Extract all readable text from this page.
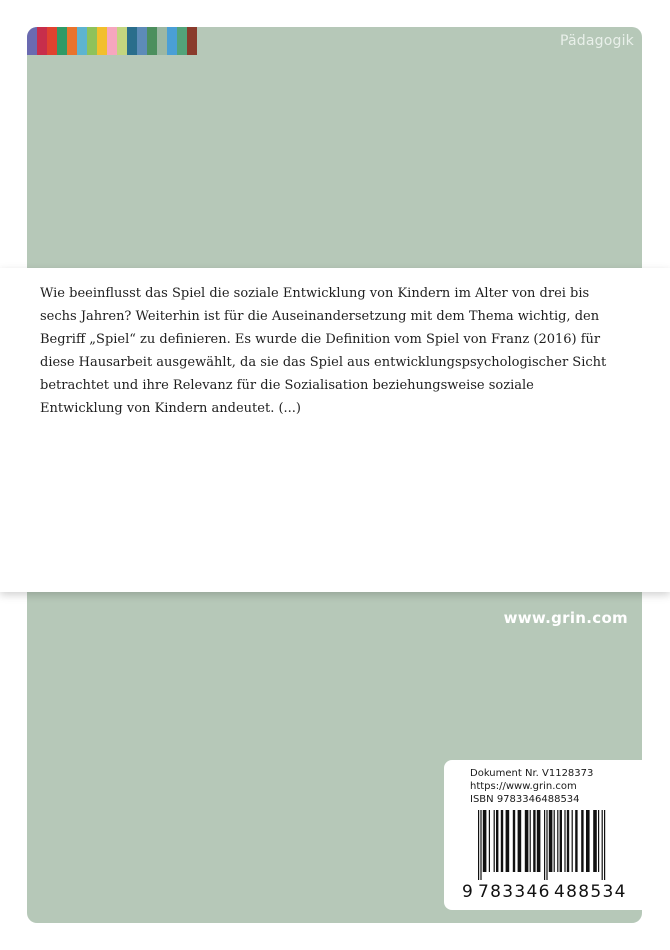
Pädagogik

Wie beeinflusst das Spiel die soziale Entwicklung von Kindern im Alter von drei bis sechs Jahren? Weiterhin ist für die Auseinandersetzung mit dem Thema wichtig, den Begriff „Spiel“ zu definieren. Es wurde die Definition vom Spiel von Franz (2016) für diese Hausarbeit ausgewählt, da sie das Spiel aus entwicklungspsychologischer Sicht betrachtet und ihre Relevanz für die Sozialisation beziehungsweise soziale Entwicklung von Kindern andeutet. (...)

www.grin.com
Dokument Nr. V1128373
https://www.grin.com
ISBN 9783346488534
9 783346 488534
